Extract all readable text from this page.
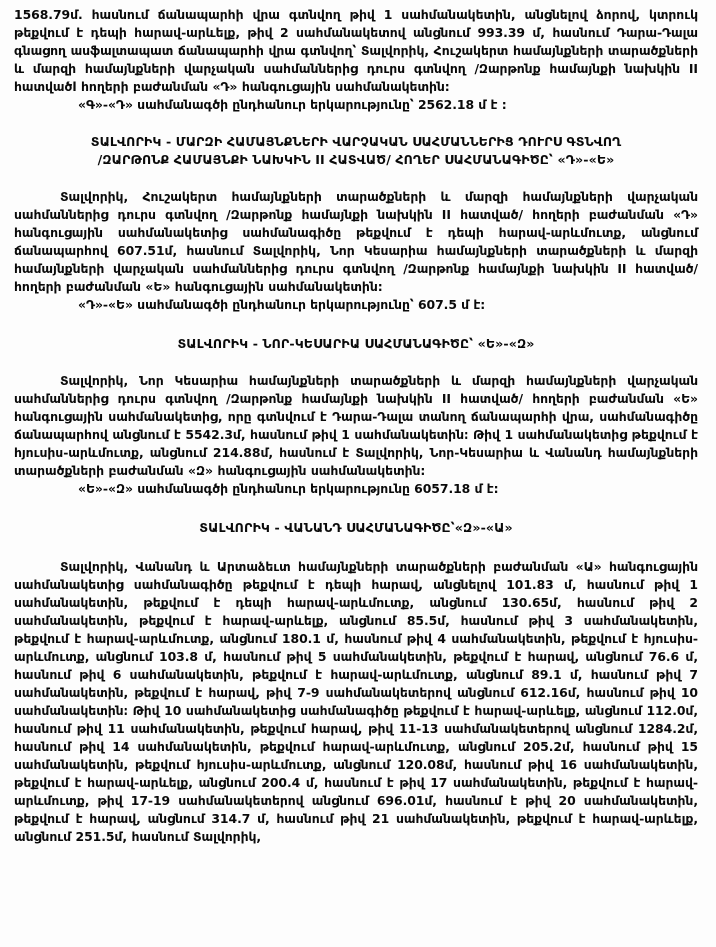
1568.79մ. հասնում ճանապարհի վրա գտնվող թիվ 1 սահմանակետին, անցնելով ձորով, կտրուկ թեքվում է դեպի հարավ-արևելք, թիվ 2 սահմանակետով անցնում 993.39 մ, հասնում Դարա-Դալա գնացող ասֆալտապատ ճանապարհի վրա գտնվող՝ Տալվորիկ, Հուշակերտ համայնքների տարածքների և մարզի համայնքների վարչական սահմաններից դուրս գտնվող /Զարթոնք համայնքի նախկին II հատվածl հողերի բաժանման «Դ» հանգուցային սահմանակետին:

«Գ»-«Դ» սահմանագծի ընդհանուր երկարությունը՝ 2562.18 մ է :

ՏԱԼՎՈՐԻԿ - ՄԱՐԶԻ ՀԱՄԱՅՆՔՆԵՐԻ ՎԱՐՉԱԿԱՆ ՍԱՀՄԱՆՆԵՐԻՑ ԴՈՒՐՍ ԳՏՆՎՈՂ
/ԶԱՐԹՈՆՔ ՀԱՄԱՅՆՔԻ ՆԱԽԿԻՆ II ՀԱՏՎԱԾ/ ՀՈՂԵՐ ՍԱՀՄԱՆԱԳԻԾԸ՝ «Դ»-«Ե»

Տալվորիկ, Հուշակերտ համայնքների տարածքների և մարզի համայնքների վարչական սահմաններից դուրս գտնվող /Զարթոնք համայնքի նախկին II հատված/ հողերի բաժանման «Դ» հանգուցային սահմանակետից սահմանագիծը թեքվում է դեպի հարավ-արևմուտք, անցնում ճանապարհով 607.51մ, հասնում Տալվորիկ, Նոր Կեսարիա համայնքների տարածքների և մարզի համայնքների վարչական սահմաններից դուրս գտնվող /Զարթոնք համայնքի նախկին II հատված/ հողերի բաժանման «Ե» հանգուցային սահմանակետին:

«Դ»-«Ե» սահմանագծի ընդհանուր երկարությունը՝ 607.5 մ է:

ՏԱԼՎՈՐԻԿ - ՆՈՐ-ԿԵՍԱՐԻԱ ՍԱՀՄԱՆԱԳԻԾԸ՝ «Ե»-«Զ»

Տալվորիկ, Նոր Կեսարիա համայնքների տարածքների և մարզի համայնքների վարչական սահմաններից դուրս գտնվող /Զարթոնք համայնքի նախկին II հատված/ հողերի բաժանման «Ե» հանգուցային սահմանակետից, որը գտնվում է Դարա-Դալա տանող ճանապարհի վրա, սահմանագիծը ճանապարհով անցնում է 5542.3մ, հասնում թիվ 1 սահմանակետին։ Թիվ 1 սահմանակետից թեքվում է հյուսիս-արևմուտք, անցնում 214.88մ, հասնում է Տալվորիկ, Նոր-Կեսարիա և Վանանդ համայնքների տարածքների բաժանման «Զ» հանգուցային սահմանակետին:

«Ե»-«Զ» սահմանագծի ընդհանուր երկարությունը 6057.18 մ է:

ՏԱԼՎՈՐԻԿ - ՎԱՆԱՆԴ ՍԱՀՄԱՆԱԳԻԾԸ՝«Զ»-«Ա»

Տալվորիկ, Վանանդ և Արտաձեւտ համայնքների տարածքների բաժանման «Ա» հանգուցային սահմանակետից սահմանագիծը թեքվում է դեպի հարավ, անցնելով 101.83 մ, հասնում թիվ 1 սահմանակետին, թեքվում է դեպի հարավ-արևմուտք, անցնում 130.65մ, հասնում թիվ 2 սահմանակետին, թեքվում է հարավ-արևելք, անցնում 85.5մ, հասնում թիվ 3 սահմանակետին, թեքվում է հարավ-արևմուտք, անցնում 180.1 մ, հասնում թիվ 4 սահմանակետին, թեքվում է հյուսիս-արևմուտք, անցնում 103.8 մ, հասնում թիվ 5 սահմանակետին, թեքվում է հարավ, անցնում 76.6 մ, հասնում թիվ 6 սահմանակետին, թեքվում է հարավ-արևմուտք, անցնում 89.1 մ, հասնում թիվ 7 սահմանակետին, թեքվում է հարավ, թիվ 7-9 սահմանակետերով անցնում 612.16մ, հասնում թիվ 10 սահմանակետին։ Թիվ 10 սահմանակետից սահմանագիծը թեքվում է հարավ-արևելք, անցնում 112.0մ, հասնում թիվ 11 սահմանակետին, թեքվում հարավ, թիվ 11-13 սահմանակետերով անցնում 1284.2մ, հասնում թիվ 14 սահմանակետին, թեքվում հարավ-արևմուտք, անցնում 205.2մ, հասնում թիվ 15 սահմանակետին, թեքվում հյուսիս-արևմուտք, անցնում 120.08մ, հասնում թիվ 16 սահմանակետին, թեքվում է հարավ-արևելք, անցնում 200.4 մ, հասնում է թիվ 17 սահմանակետին, թեքվում է հարավ-արևմուտք, թիվ 17-19 սահմանակետերով անցնում 696.01մ, հասնում է թիվ 20 սահմանակետին, թեքվում է հարավ, անցնում 314.7 մ, հասնում թիվ 21 սահմանակետին, թեքվում է հարավ-արևելք, անցնում 251.5մ, հասնում Տալվորիկ,
